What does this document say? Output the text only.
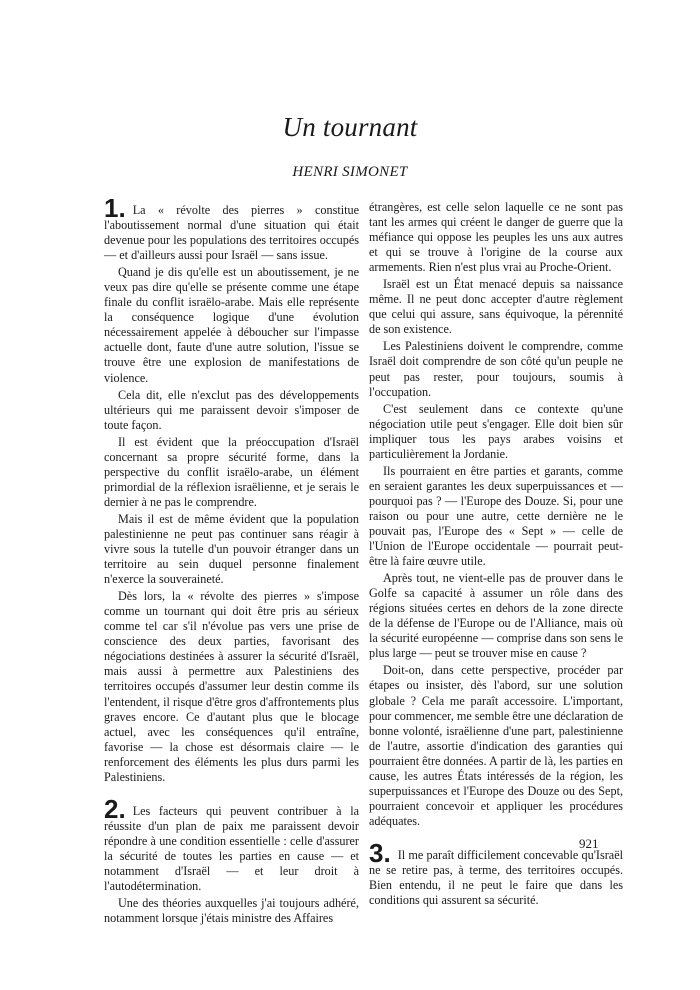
Un tournant
HENRI SIMONET

1. La « révolte des pierres » constitue l'aboutissement normal d'une situation qui était devenue pour les populations des territoires occupés — et d'ailleurs aussi pour Israël — sans issue.

Quand je dis qu'elle est un aboutissement, je ne veux pas dire qu'elle se présente comme une étape finale du conflit israëlo-arabe. Mais elle représente la conséquence logique d'une évolution nécessairement appelée à déboucher sur l'impasse actuelle dont, faute d'une autre solution, l'issue se trouve être une explosion de manifestations de violence.

Cela dit, elle n'exclut pas des développements ultérieurs qui me paraissent devoir s'imposer de toute façon.

Il est évident que la préoccupation d'Israël concernant sa propre sécurité forme, dans la perspective du conflit israëlo-arabe, un élément primordial de la réflexion israëlienne, et je serais le dernier à ne pas le comprendre.

Mais il est de même évident que la population palestinienne ne peut pas continuer sans réagir à vivre sous la tutelle d'un pouvoir étranger dans un territoire au sein duquel personne finalement n'exerce la souveraineté.

Dès lors, la « révolte des pierres » s'impose comme un tournant qui doit être pris au sérieux comme tel car s'il n'évolue pas vers une prise de conscience des deux parties, favorisant des négociations destinées à assurer la sécurité d'Israël, mais aussi à permettre aux Palestiniens des territoires occupés d'assumer leur destin comme ils l'entendent, il risque d'être gros d'affrontements plus graves encore. Ce d'autant plus que le blocage actuel, avec les conséquences qu'il entraîne, favorise — la chose est désormais claire — le renforcement des éléments les plus durs parmi les Palestiniens.

2. Les facteurs qui peuvent contribuer à la réussite d'un plan de paix me paraissent devoir répondre à une condition essentielle : celle d'assurer la sécurité de toutes les parties en cause — et notamment d'Israël — et leur droit à l'autodétermination.

Une des théories auxquelles j'ai toujours adhéré, notamment lorsque j'étais ministre des Affaires

étrangères, est celle selon laquelle ce ne sont pas tant les armes qui créent le danger de guerre que la méfiance qui oppose les peuples les uns aux autres et qui se trouve à l'origine de la course aux armements. Rien n'est plus vrai au Proche-Orient.

Israël est un État menacé depuis sa naissance même. Il ne peut donc accepter d'autre règlement que celui qui assure, sans équivoque, la pérennité de son existence.

Les Palestiniens doivent le comprendre, comme Israël doit comprendre de son côté qu'un peuple ne peut pas rester, pour toujours, soumis à l'occupation.

C'est seulement dans ce contexte qu'une négociation utile peut s'engager. Elle doit bien sûr impliquer tous les pays arabes voisins et particulièrement la Jordanie.

Ils pourraient en être parties et garants, comme en seraient garantes les deux superpuissances et — pourquoi pas ? — l'Europe des Douze. Si, pour une raison ou pour une autre, cette dernière ne le pouvait pas, l'Europe des « Sept » — celle de l'Union de l'Europe occidentale — pourrait peut-être là faire œuvre utile.

Après tout, ne vient-elle pas de prouver dans le Golfe sa capacité à assumer un rôle dans des régions situées certes en dehors de la zone directe de la défense de l'Europe ou de l'Alliance, mais où la sécurité européenne — comprise dans son sens le plus large — peut se trouver mise en cause ?

Doit-on, dans cette perspective, procéder par étapes ou insister, dès l'abord, sur une solution globale ? Cela me paraît accessoire. L'important, pour commencer, me semble être une déclaration de bonne volonté, israëlienne d'une part, palestinienne de l'autre, assortie d'indication des garanties qui pourraient être données. A partir de là, les parties en cause, les autres États intéressés de la région, les superpuissances et l'Europe des Douze ou des Sept, pourraient concevoir et appliquer les procédures adéquates.

3. Il me paraît difficilement concevable qu'Israël ne se retire pas, à terme, des territoires occupés. Bien entendu, il ne peut le faire que dans les conditions qui assurent sa sécurité.

921
